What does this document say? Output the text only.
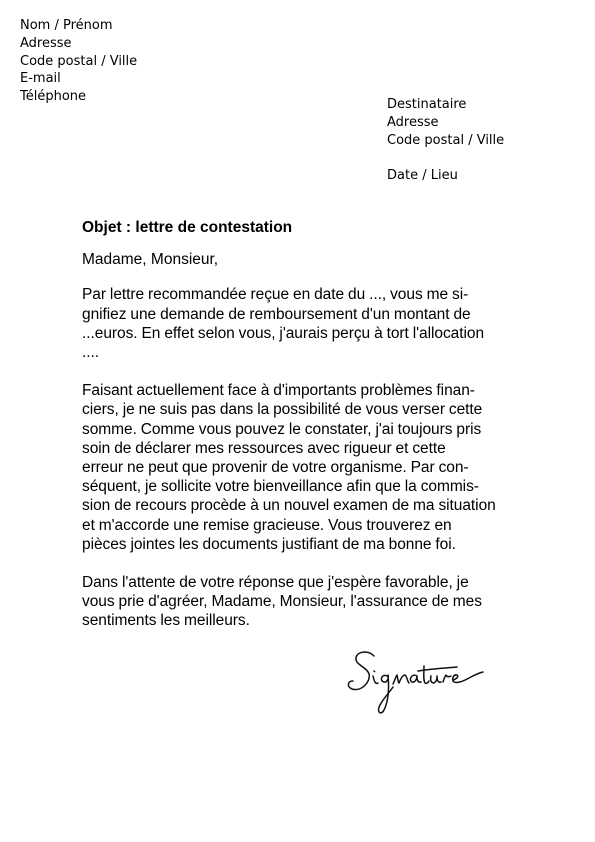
Nom / Prénom
Adresse
Code postal / Ville
E-mail
Téléphone
Destinataire
Adresse
Code postal / Ville
Date / Lieu
Objet : lettre de contestation
Madame, Monsieur,
Par lettre recommandée reçue en date du ..., vous me si-
gnifiez une demande de remboursement d'un montant de
...euros. En effet selon vous, j'aurais perçu à tort l'allocation
....
Faisant actuellement face à d'importants problèmes finan-
ciers, je ne suis pas dans la possibilité de vous verser cette
somme. Comme vous pouvez le constater, j'ai toujours pris
soin de déclarer mes ressources avec rigueur et cette
erreur ne peut que provenir de votre organisme. Par con-
séquent, je sollicite votre bienveillance afin que la commis-
sion de recours procède à un nouvel examen de ma situation
et m'accorde une remise gracieuse. Vous trouverez en
pièces jointes les documents justifiant de ma bonne foi.
Dans l'attente de votre réponse que j'espère favorable, je
vous prie d'agréer, Madame, Monsieur, l'assurance de mes
sentiments les meilleurs.
